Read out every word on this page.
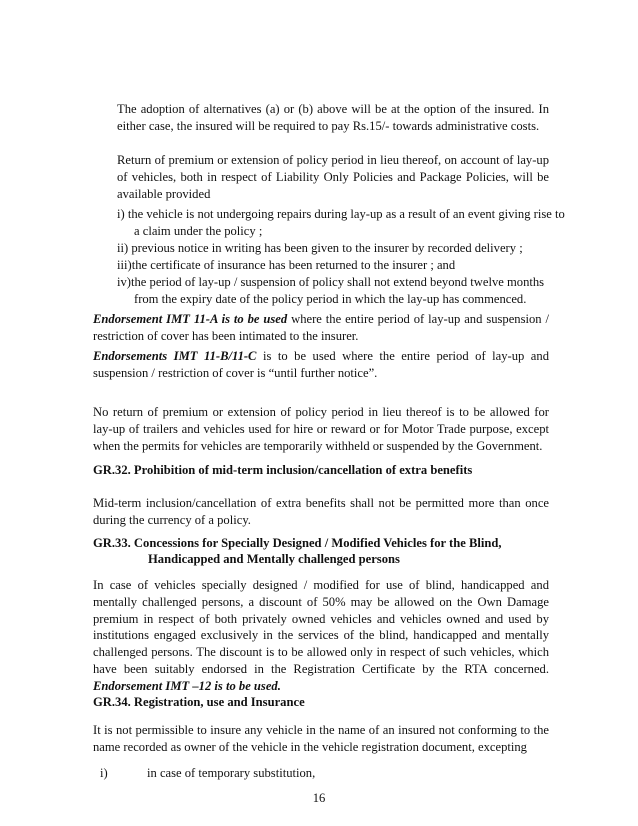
The adoption of alternatives (a) or (b) above will be at the option of the insured. In either case, the insured will be required to pay Rs.15/- towards administrative costs.

Return of premium or extension of policy period in lieu thereof, on account of lay-up of vehicles, both in respect of Liability Only Policies and Package Policies, will be available provided

i) the vehicle is not undergoing repairs during lay-up as a result of an event giving rise to a claim under the policy ;
ii) previous notice in writing has been given to the insurer by recorded delivery ;
iii)the certificate of insurance has been returned to the insurer ; and
iv)the period of lay-up / suspension of policy shall not extend beyond twelve months from the expiry date of the policy period in which the lay-up has commenced.

Endorsement IMT 11-A is to be used where the entire period of lay-up and suspension / restriction of cover has been intimated to the insurer.

Endorsements IMT 11-B/11-C is to be used where the entire period of lay-up and suspension / restriction of cover is “until further notice”.

No return of premium or extension of policy period in lieu thereof is to be allowed for lay-up of trailers and vehicles used for hire or reward or for Motor Trade purpose, except when the permits for vehicles are temporarily withheld or suspended by the Government.

GR.32. Prohibition of mid-term inclusion/cancellation of extra benefits

Mid-term inclusion/cancellation of extra benefits shall not be permitted more than once during the currency of a policy.

GR.33. Concessions for Specially Designed / Modified Vehicles for the Blind,
Handicapped and Mentally challenged persons

In case of vehicles specially designed / modified for use of blind, handicapped and mentally challenged persons, a discount of 50% may be allowed on the Own Damage premium in respect of both privately owned vehicles and vehicles owned and used by institutions engaged exclusively in the services of the blind, handicapped and mentally challenged persons. The discount is to be allowed only in respect of such vehicles, which have been suitably endorsed in the Registration Certificate by the RTA concerned. Endorsement IMT –12 is to be used.

GR.34. Registration, use and Insurance

It is not permissible to insure any vehicle in the name of an insured not conforming to the name recorded as owner of the vehicle in the vehicle registration document, excepting

i)	in case of temporary substitution,
16
